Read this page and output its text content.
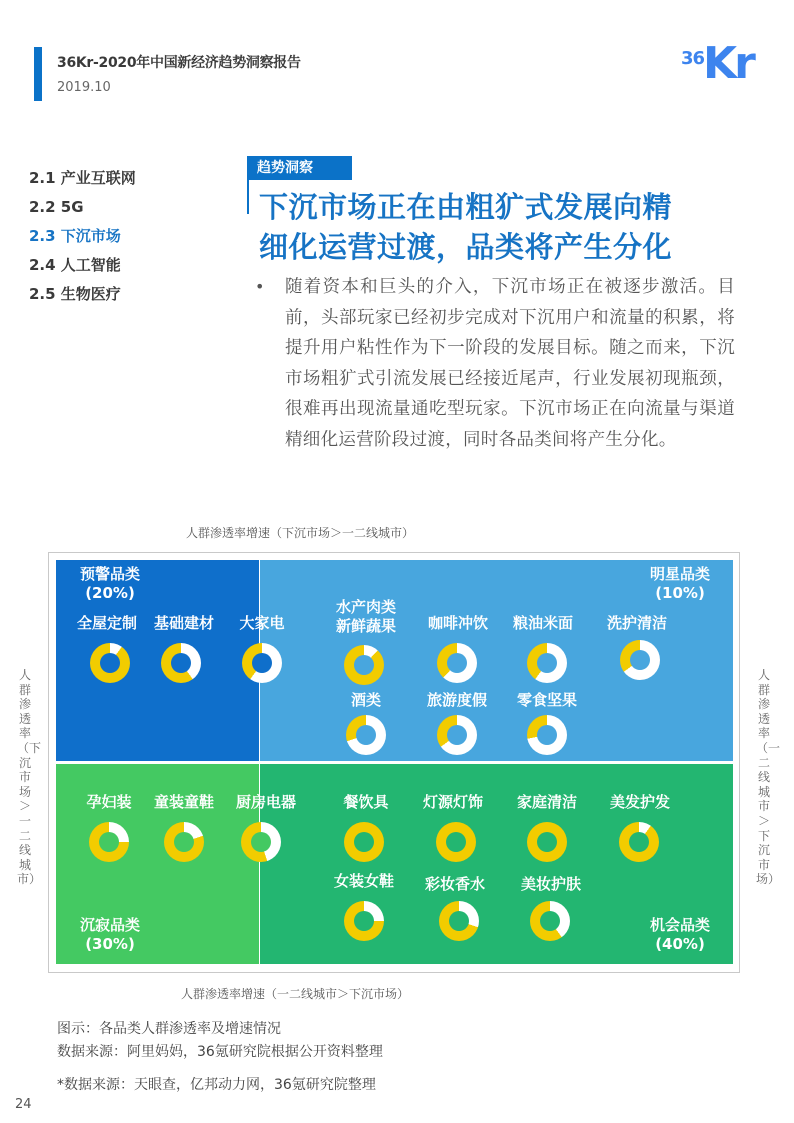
36Kr-2020年中国新经济趋势洞察报告
2019.10
36
Kr
2.1 产业互联网
2.2 5G
2.3 下沉市场
2.4 人工智能
2.5 生物医疗
趋势洞察
下沉市场正在由粗犷式发展向精
细化运营过渡，品类将产生分化
• 随着资本和巨头的介入，下沉市场正在被逐步激活。目前，头部玩家已经初步完成对下沉用户和流量的积累，将提升用户粘性作为下一阶段的发展目标。随之而来，下沉市场粗犷式引流发展已经接近尾声，行业发展初现瓶颈，很难再出现流量通吃型玩家。下沉市场正在向流量与渠道精细化运营阶段过渡，同时各品类间将产生分化。
人群渗透率增速（下沉市场＞一二线城市）
人群渗透率（下沉市场＞一二线城市）
人群渗透率（一二线城市＞下沉市场）
预警品类
(20%)
明星品类
(10%)
沉寂品类
(30%)
机会品类
(40%)
全屋定制 基础建材 大家电
水产肉类
新鲜蔬果 咖啡冲饮 粮油米面 洗护清洁
酒类	旅游度假 零食坚果
孕妇装 童装童鞋 厨房电器	餐饮具 灯源灯饰 家庭清洁 美发护发
女装女鞋 彩妆香水 美妆护肤
人群渗透率增速（一二线城市＞下沉市场）
图示：各品类人群渗透率及增速情况
数据来源：阿里妈妈，36氪研究院根据公开资料整理
*数据来源：天眼查，亿邦动力网，36氪研究院整理
24
